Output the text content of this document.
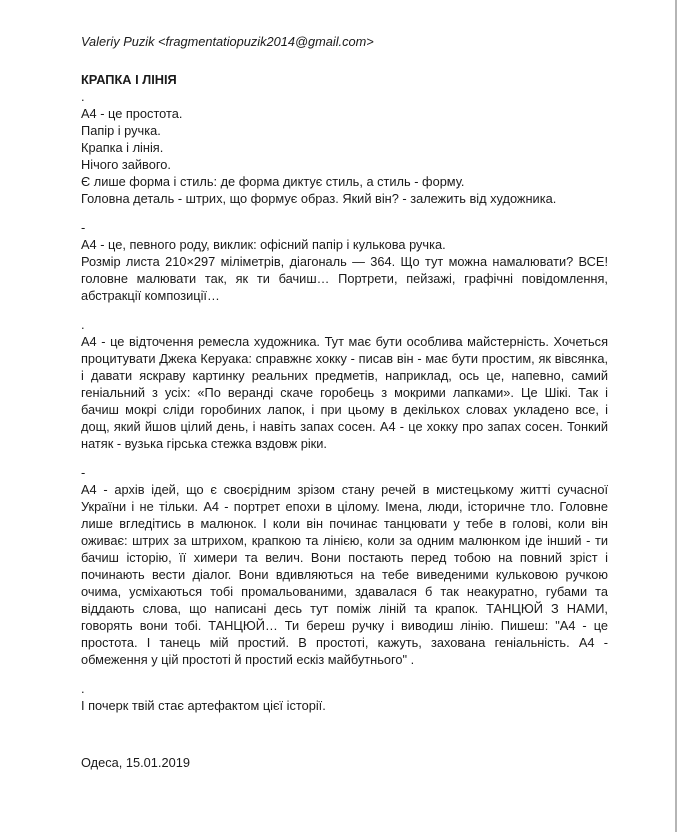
Valeriy Puzik <fragmentatiopuzik2014@gmail.com>
КРАПКА І ЛІНІЯ
.
А4 - це простота.
Папір і ручка.
Крапка і лінія.
Нічого зайвого.
Є лише форма і стиль: де форма диктує стиль, а стиль - форму.
Головна деталь - штрих, що формує образ. Який він? - залежить від художника.
-
А4 - це, певного роду, виклик: офісний папір і кулькова ручка.
Розмір листа 210×297 міліметрів, діагональ — 364. Що тут можна намалювати? ВСЕ!
головне малювати так, як ти бачиш… Портрети, пейзажі, графічні повідомлення,
абстракції композиції…
.
А4 - це відточення ремесла художника. Тут має бути особлива майстерність. Хочеться
процитувати Джека Керуака: справжнє хокку - писав він - має бути простим, як вівсянка,
і давати яскраву картинку реальних предметів, наприклад, ось це, напевно, самий
геніальний з усіх: «По веранді скаче горобець з мокрими лапками». Це Шікі. Так і
бачиш мокрі сліди горобиних лапок, і при цьому в декількох словах укладено все, і
дощ, який йшов цілий день, і навіть запах сосен. А4 - це хокку про запах сосен. Тонкий
натяк - вузька гірська стежка вздовж ріки.
-
А4 - архів ідей, що є своєрідним зрізом стану речей в мистецькому житті сучасної
України і не тільки. А4 - портрет епохи в цілому. Імена, люди, історичне тло. Головне
лише вгледітись в малюнок. І коли він починає танцювати у тебе в голові, коли він
оживає: штрих за штрихом, крапкою та лінією, коли за одним малюнком іде інший - ти
бачиш історію, її химери та велич. Вони постають перед тобою на повний зріст і
починають вести діалог. Вони вдивляються на тебе виведеними кульковою ручкою
очима, усміхаються тобі промальованими, здавалася б так неакуратно, губами та
віддають слова, що написані десь тут поміж ліній та крапок. ТАНЦЮЙ З НАМИ,
говорять вони тобі. ТАНЦЮЙ… Ти береш ручку і виводиш лінію. Пишеш: "А4 - це
простота. І танець мій простий. В простоті, кажуть, захована геніальність. А4 -
обмеження у цій простоті й простий ескіз майбутнього" .
.
І почерк твій стає артефактом цієї історії.
Одеса, 15.01.2019
